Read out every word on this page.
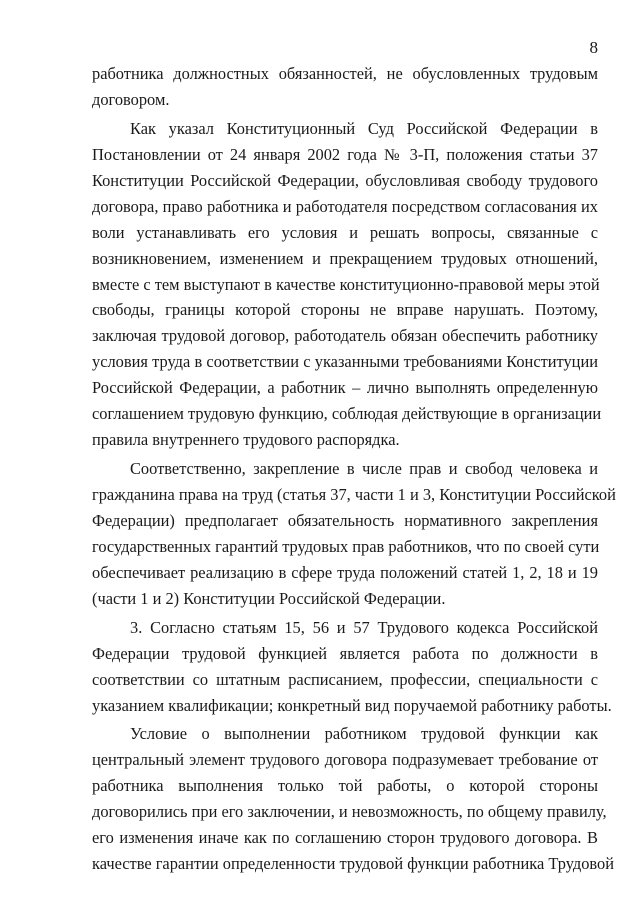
8
работника должностных обязанностей, не обусловленных трудовым
договором.
Как указал Конституционный Суд Российской Федерации в
Постановлении от 24 января 2002 года № 3-П, положения статьи 37
Конституции Российской Федерации, обусловливая свободу трудового
договора, право работника и работодателя посредством согласования их
воли устанавливать его условия и решать вопросы, связанные с
возникновением, изменением и прекращением трудовых отношений,
вместе с тем выступают в качестве конституционно-правовой меры этой
свободы, границы которой стороны не вправе нарушать. Поэтому,
заключая трудовой договор, работодатель обязан обеспечить работнику
условия труда в соответствии с указанными требованиями Конституции
Российской Федерации, а работник – лично выполнять определенную
соглашением трудовую функцию, соблюдая действующие в организации
правила внутреннего трудового распорядка.
Соответственно, закрепление в числе прав и свобод человека и
гражданина права на труд (статья 37, части 1 и 3, Конституции Российской
Федерации) предполагает обязательность нормативного закрепления
государственных гарантий трудовых прав работников, что по своей сути
обеспечивает реализацию в сфере труда положений статей 1, 2, 18 и 19
(части 1 и 2) Конституции Российской Федерации.
3. Согласно статьям 15, 56 и 57 Трудового кодекса Российской
Федерации трудовой функцией является работа по должности в
соответствии со штатным расписанием, профессии, специальности с
указанием квалификации; конкретный вид поручаемой работнику работы.
Условие о выполнении работником трудовой функции как
центральный элемент трудового договора подразумевает требование от
работника выполнения только той работы, о которой стороны
договорились при его заключении, и невозможность, по общему правилу,
его изменения иначе как по соглашению сторон трудового договора. В
качестве гарантии определенности трудовой функции работника Трудовой
